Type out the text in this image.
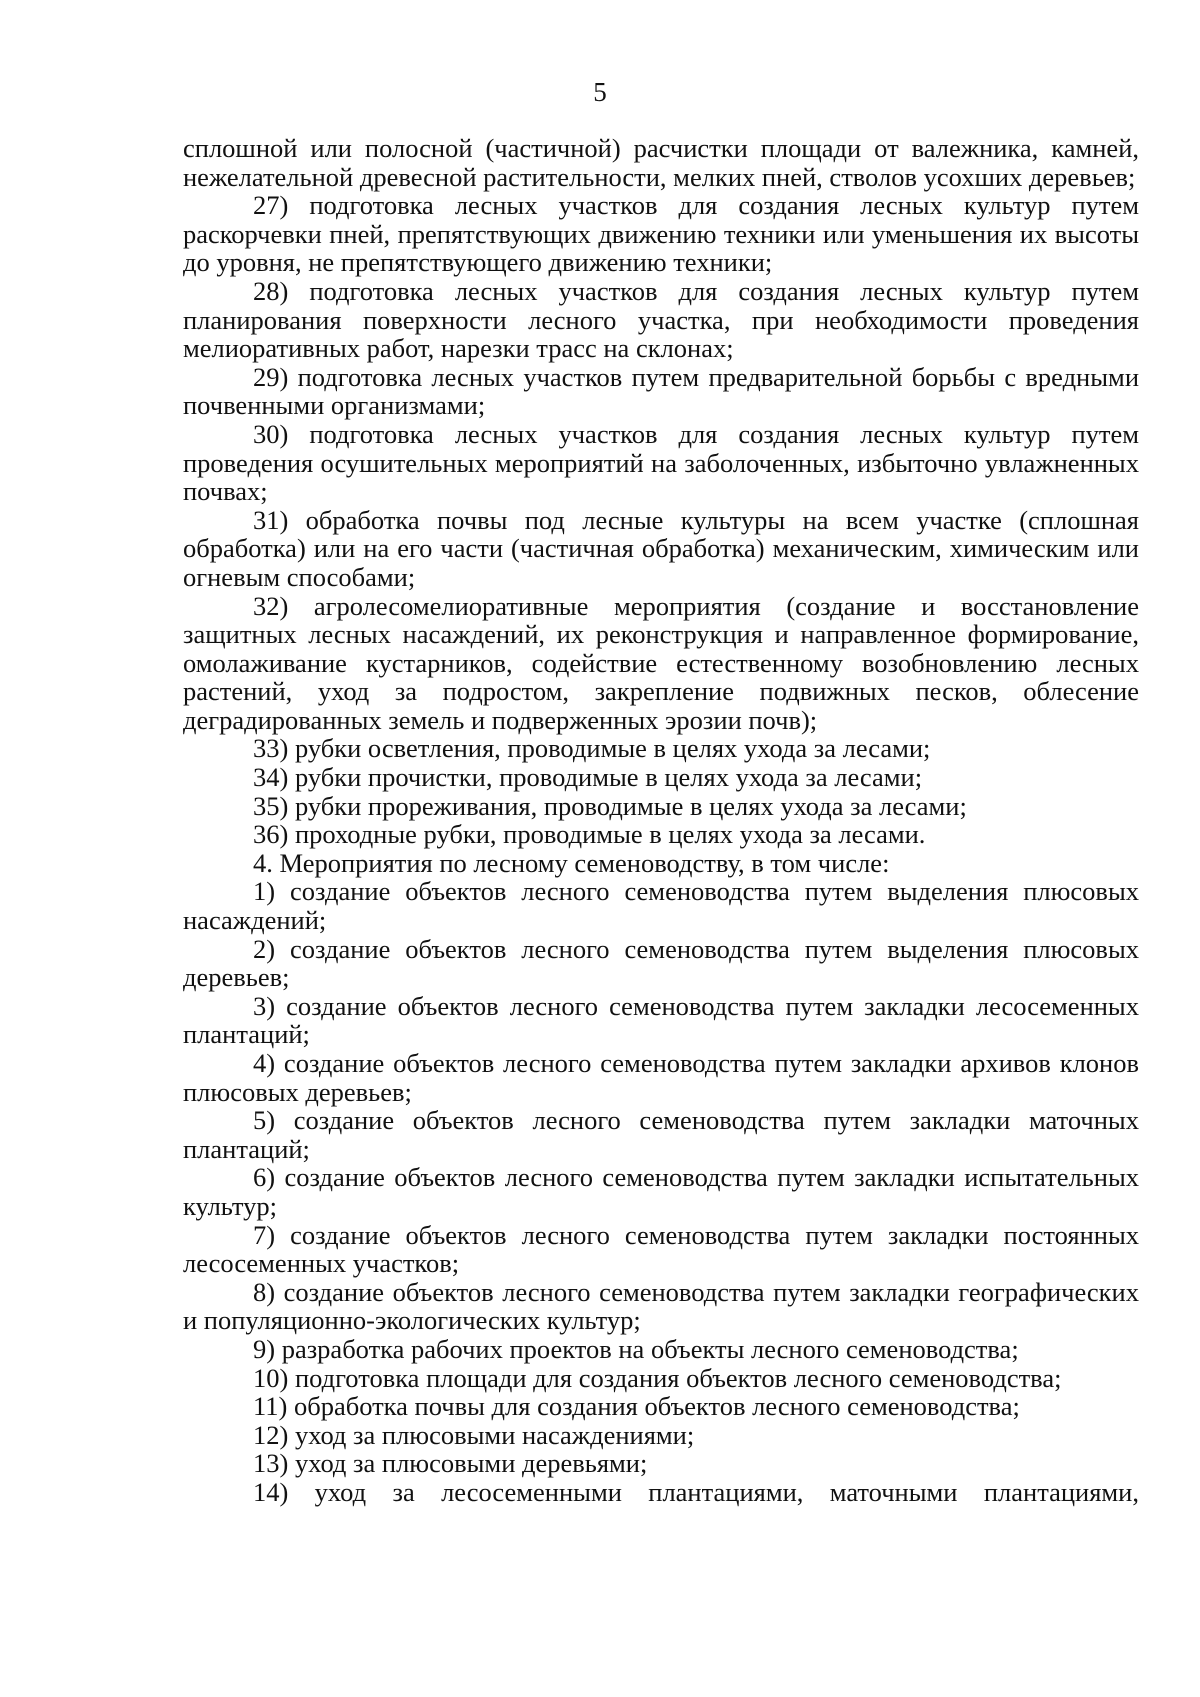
5

сплошной или полосной (частичной) расчистки площади от валежника, камней, нежелательной древесной растительности, мелких пней, стволов усохших деревьев;

27) подготовка лесных участков для создания лесных культур путем раскорчевки пней, препятствующих движению техники или уменьшения их высоты до уровня, не препятствующего движению техники;

28) подготовка лесных участков для создания лесных культур путем планирования поверхности лесного участка, при необходимости проведения мелиоративных работ, нарезки трасс на склонах;

29) подготовка лесных участков путем предварительной борьбы с вредными почвенными организмами;

30) подготовка лесных участков для создания лесных культур путем проведения осушительных мероприятий на заболоченных, избыточно увлажненных почвах;

31) обработка почвы под лесные культуры на всем участке (сплошная обработка) или на его части (частичная обработка) механическим, химическим или огневым способами;

32) агролесомелиоративные мероприятия (создание и восстановление защитных лесных насаждений, их реконструкция и направленное формирование, омолаживание кустарников, содействие естественному возобновлению лесных растений, уход за подростом, закрепление подвижных песков, облесение деградированных земель и подверженных эрозии почв);

33) рубки осветления, проводимые в целях ухода за лесами;

34) рубки прочистки, проводимые в целях ухода за лесами;

35) рубки прореживания, проводимые в целях ухода за лесами;

36) проходные рубки, проводимые в целях ухода за лесами.

4. Мероприятия по лесному семеноводству, в том числе:

1) создание объектов лесного семеноводства путем выделения плюсовых насаждений;

2) создание объектов лесного семеноводства путем выделения плюсовых деревьев;

3) создание объектов лесного семеноводства путем закладки лесосеменных плантаций;

4) создание объектов лесного семеноводства путем закладки архивов клонов плюсовых деревьев;

5) создание объектов лесного семеноводства путем закладки маточных плантаций;

6) создание объектов лесного семеноводства путем закладки испытательных культур;

7) создание объектов лесного семеноводства путем закладки постоянных лесосеменных участков;

8) создание объектов лесного семеноводства путем закладки географических и популяционно-экологических культур;

9) разработка рабочих проектов на объекты лесного семеноводства;

10) подготовка площади для создания объектов лесного семеноводства;

11) обработка почвы для создания объектов лесного семеноводства;

12) уход за плюсовыми насаждениями;

13) уход за плюсовыми деревьями;

14) уход за лесосеменными плантациями, маточными плантациями,
